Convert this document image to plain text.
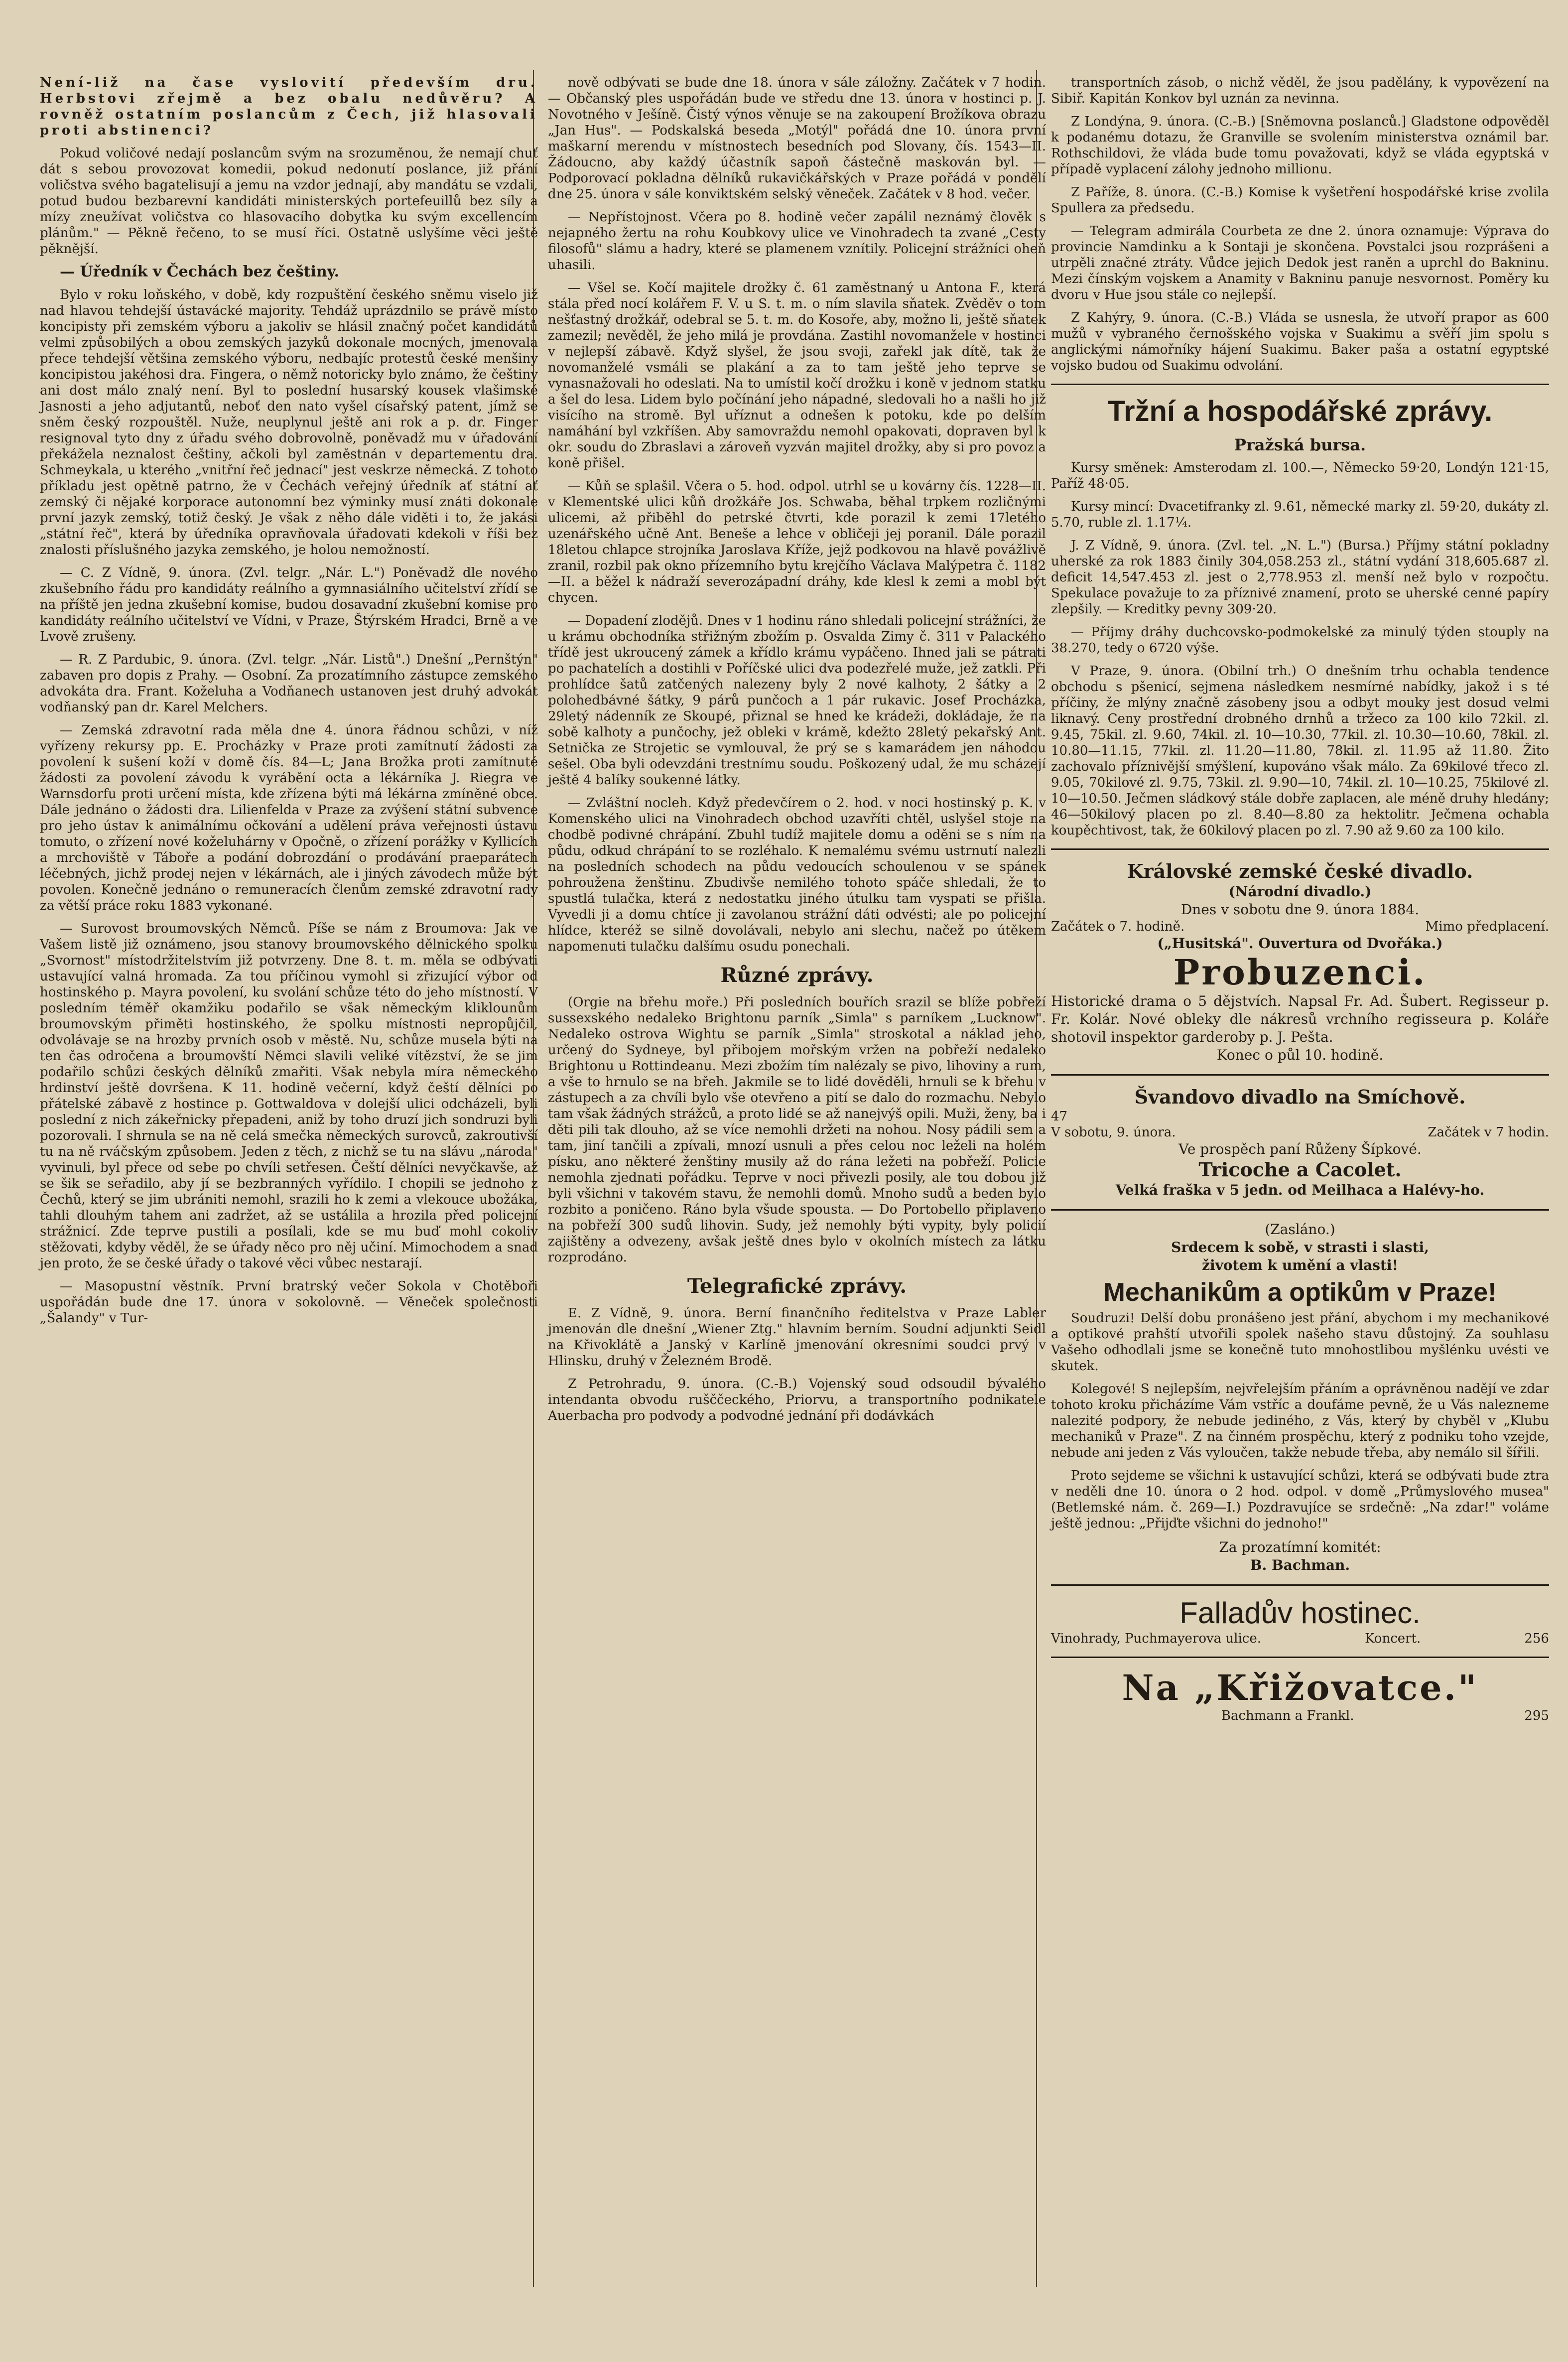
Není-liž na čase vyslovití především dru. Herbstovi zřejmě a bez obalu nedůvěru? A rovněž ostatním poslancům z Čech, již hlasovali proti abstinenci?

Pokud voličové nedají poslancům svým na srozuměnou, že nemají chuť dát s sebou provozovat komedii, pokud nedonutí poslance, již přání voličstva svého bagatelisují a jemu na vzdor jednají, aby mandátu se vzdali, potud budou bezbarevní kandidáti ministerských portefeuillů bez síly a mízy zneužívat voličstva co hlasovacího dobytka ku svým excellencím plánům." — Pěkně řečeno, to se musí říci. Ostatně uslyšíme věci ještě pěknější.

— Úředník v Čechách bez češtiny.

Bylo v roku loňského, v době, kdy rozpuštění českého sněmu viselo již nad hlavou tehdejší ústavácké majority. Tehdáž uprázdnilo se právě místo koncipisty při zemském výboru a jakoliv se hlásil značný počet kandidátů velmi způsobilých a obou zemských jazyků dokonale mocných, jmenovala přece tehdejší většina zemského výboru, nedbajíc protestů české menšiny koncipistou jakéhosi dra. Fingera, o němž notoricky bylo známo, že češtiny ani dost málo znalý není. Byl to poslední husarský kousek vlašimské Jasnosti a jeho adjutantů, neboť den nato vyšel císařský patent, jímž se sněm český rozpouštěl. Nuže, neuplynul ještě ani rok a p. dr. Finger resignoval tyto dny z úřadu svého dobrovolně, poněvadž mu v úřadování překážela neznalost češtiny, ačkoli byl zaměstnán v departementu dra. Schmeykala, u kterého „vnitřní řeč jednací" jest veskrze německá. Z tohoto příkladu jest opětně patrno, že v Čechách veřejný úředník ať státní ať zemský či nějaké korporace autonomní bez výminky musí znáti dokonale první jazyk zemský, totiž český. Je však z něho dále viděti i to, že jakási „státní řeč", která by úředníka opravňovala úřadovati kdekoli v říši bez znalosti příslušného jazyka zemského, je holou nemožností.

— C. Z Vídně, 9. února. (Zvl. telgr. „Nár. L.") Poněvadž dle nového zkušebního řádu pro kandidáty reálního a gymnasiálního učitelství zřídí se na příště jen jedna zkušební komise, budou dosavadní zkušební komise pro kandidáty reálního učitelství ve Vídni, v Praze, Štýrském Hradci, Brně a ve Lvově zrušeny.

— R. Z Pardubic, 9. února. (Zvl. telgr. „Nár. Listů".) Dnešní „Pernštýn" zabaven pro dopis z Prahy. — Osobní. Za prozatímního zástupce zemského advokáta dra. Frant. Koželuha a Vodňanech ustanoven jest druhý advokát vodňanský pan dr. Karel Melchers.

— Zemská zdravotní rada měla dne 4. února řádnou schůzi, v níž vyřízeny rekursy pp. E. Procházky v Praze proti zamítnutí žádosti za povolení k sušení koží v domě čís. 84—L; Jana Brožka proti zamítnuté žádosti za povolení závodu k vyrábění octa a lékárníka J. Riegra ve Warnsdorfu proti určení místa, kde zřízena býti má lékárna zmíněné obce. Dále jednáno o žádosti dra. Lilienfelda v Praze za zvýšení státní subvence pro jeho ústav k animálnímu očkování a udělení práva veřejnosti ústavu tomuto, o zřízení nové koželuhárny v Opočně, o zřízení porážky v Kyllicích a mrchoviště v Táboře a podání dobrozdání o prodávání praeparátech léčebných, jichž prodej nejen v lékárnách, ale i jiných závodech může být povolen. Konečně jednáno o remuneracích členům zemské zdravotní rady za větší práce roku 1883 vykonané.

— Surovost broumovských Němců. Píše se nám z Broumova: Jak ve Vašem listě již oznámeno, jsou stanovy broumovského dělnického spolku „Svornost" místodržitelstvím již potvrzeny. Dne 8. t. m. měla se odbývati ustavující valná hromada. Za tou příčinou vymohl si zřizující výbor od hostinského p. Mayra povolení, ku svolání schůze této do jeho místností. V posledním téměř okamžiku podařilo se však německým kliklounům broumovským přiměti hostinského, že spolku místnosti nepropůjčil, odvolávaje se na hrozby prvních osob v městě. Nu, schůze musela býti na ten čas odročena a broumovští Němci slavili veliké vítězství, že se jim podařilo schůzi českých dělníků zmařiti. Však nebyla míra německého hrdinství ještě dovršena. K 11. hodině večerní, když čeští dělníci po přátelské zábavě z hostince p. Gottwaldova v dolejší ulici odcházeli, byli poslední z nich zákeřnicky přepadeni, aniž by toho druzí jich sondruzi byli pozorovali. I shrnula se na ně celá smečka německých surovců, zakroutivší tu na ně rváčským způsobem. Jeden z těch, z nichž se tu na slávu „národa" vyvinuli, byl přece od sebe po chvíli setřesen. Čeští dělníci nevyčkavše, až se šik se seřadilo, aby jí se bezbranných vyřídilo. I chopili se jednoho z Čechů, který se jim ubrániti nemohl, srazili ho k zemi a vlekouce ubožáka, tahli dlouhým tahem ani zadržet, až se ustálila a hrozila před policejní strážnicí. Zde teprve pustili a posílali, kde se mu buď mohl cokoliv stěžovati, kdyby věděl, že se úřady něco pro něj učiní. Mimochodem a snad jen proto, že se české úřady o takové věci vůbec nestarají.

— Masopustní věstník. První bratrský večer Sokola v Chotěboři uspořádán bude dne 17. února v sokolovně. — Věneček společnosti „Šalandy" v Tur-

nově odbývati se bude dne 18. února v sále záložny. Začátek v 7 hodin. — Občanský ples uspořádán bude ve středu dne 13. února v hostinci p. J. Novotného v Ješíně. Čistý výnos věnuje se na zakoupení Brožíkova obrazu „Jan Hus". — Podskalská beseda „Motýl" pořádá dne 10. února první maškarní merendu v místnostech besedních pod Slovany, čís. 1543—II. Žádoucno, aby každý účastník sapoň částečně maskován byl. — Podporovací pokladna dělníků rukavičkářských v Praze pořádá v pondělí dne 25. února v sále konviktském selský věneček. Začátek v 8 hod. večer.

— Nepřístojnost. Včera po 8. hodině večer zapálil neznámý člověk s nejapného žertu na rohu Koubkovy ulice ve Vinohradech ta zvané „Cesty filosofů" slámu a hadry, které se plamenem vznítily. Policejní strážníci oheň uhasili.

— Všel se. Kočí majitele drožky č. 61 zaměstnaný u Antona F., která stála před nocí kolářem F. V. u S. t. m. o ním slavila sňatek. Zvěděv o tom nešťastný drožkář, odebral se 5. t. m. do Kosoře, aby, možno li, ještě sňatek zamezil; nevěděl, že jeho milá je provdána. Zastihl novomanžele v hostinci v nejlepší zábavě. Když slyšel, že jsou svoji, zařekl jak dítě, tak že novomanželé vsmáli se plakání a za to tam ještě jeho teprve se vynasnažovali ho odeslati. Na to umístil kočí drožku i koně v jednom statku a šel do lesa. Lidem bylo počínání jeho nápadné, sledovali ho a našli ho již visícího na stromě. Byl uříznut a odnešen k potoku, kde po delším namáhání byl vzkříšen. Aby samovraždu nemohl opakovati, dopraven byl k okr. soudu do Zbraslavi a zároveň vyzván majitel drožky, aby si pro povoz a koně přišel.

— Kůň se splašil. Včera o 5. hod. odpol. utrhl se u kovárny čís. 1228—II. v Klementské ulici kůň drožkáře Jos. Schwaba, běhal trpkem rozličnými ulicemi, až přiběhl do petrské čtvrti, kde porazil k zemi 17letého uzenářského učně Ant. Beneše a lehce v obličeji jej poranil. Dále porazil 18letou chlapce strojníka Jaroslava Kříže, jejž podkovou na hlavě povážlivě zranil, rozbil pak okno přízemního bytu krejčího Václava Malýpetra č. 1182—II. a běžel k nádraží severozápadní dráhy, kde klesl k zemi a mobl být chycen.

— Dopadení zlodějů. Dnes v 1 hodinu ráno shledali policejní strážníci, že u krámu obchodníka střižným zbožím p. Osvalda Zimy č. 311 v Palackého třídě jest ukroucený zámek a křídlo krámu vypáčeno. Ihned jali se pátrati po pachatelích a dostihli v Poříčské ulici dva podezřelé muže, jež zatkli. Při prohlídce šatů zatčených nalezeny byly 2 nové kalhoty, 2 šátky a 2 polohedbávné šátky, 9 párů punčoch a 1 pár rukavic. Josef Procházka, 29letý nádenník ze Skoupé, přiznal se hned ke krádeži, dokládaje, že na sobě kalhoty a punčochy, jež obleki v krámě, kdežto 28letý pekařský Ant. Setnička ze Strojetic se vymlouval, že prý se s kamarádem jen náhodou sešel. Oba byli odevzdáni trestnímu soudu. Poškozený udal, že mu scházejí ještě 4 balíky soukenné látky.

— Zvláštní nocleh. Když předevčírem o 2. hod. v noci hostinský p. K. v Komenského ulici na Vinohradech obchod uzavříti chtěl, uslyšel stoje na chodbě podivné chrápání. Zbuhl tudíž majitele domu a oděni se s ním na půdu, odkud chrápání to se rozléhalo. K nemalému svému ustrnutí nalezli na posledních schodech na půdu vedoucích schoulenou v se spánek pohroužena ženštinu. Zbudivše nemilého tohoto spáče shledali, že to spustlá tulačka, která z nedostatku jiného útulku tam vyspati se přišla. Vyvedli ji a domu chtíce ji zavolanou strážní dáti odvésti; ale po policejní hlídce, kteréž se silně dovolávali, nebylo ani slechu, načež po útěkem napomenuti tulačku dalšímu osudu ponechali.

Různé zprávy.

(Orgie na břehu moře.) Při posledních bouřích srazil se blíže pobřeží sussexského nedaleko Brightonu parník „Simla" s parníkem „Lucknow". Nedaleko ostrova Wightu se parník „Simla" stroskotal a náklad jeho, určený do Sydneye, byl přibojem mořským vržen na pobřeží nedaleko Brightonu u Rottindeanu. Mezi zbožím tím nalézaly se pivo, lihoviny a rum, a vše to hrnulo se na břeh. Jakmile se to lidé dověděli, hrnuli se k břehu v zástupech a za chvíli bylo vše otevřeno a pití se dalo do rozmachu. Nebylo tam však žádných strážců, a proto lidé se až nanejvýš opili. Muži, ženy, ba i děti pili tak dlouho, až se více nemohli držeti na nohou. Nosy pádili sem a tam, jiní tančili a zpívali, mnozí usnuli a přes celou noc leželi na holém písku, ano některé ženštiny musily až do rána ležeti na pobřeží. Policie nemohla zjednati pořádku. Teprve v noci přivezli posily, ale tou dobou již byli všichni v takovém stavu, že nemohli domů. Mnoho sudů a beden bylo rozbito a poničeno. Ráno byla všude spousta. — Do Portobello připlaveno na pobřeží 300 sudů lihovin. Sudy, jež nemohly býti vypity, byly policií zajištěny a odvezeny, avšak ještě dnes bylo v okolních místech za látku rozprodáno.

Telegrafické zprávy.

E. Z Vídně, 9. února. Berní finančního ředitelstva v Praze Labler jmenován dle dnešní „Wiener Ztg." hlavním berním. Soudní adjunkti Seidl na Křivoklátě a Janský v Karlíně jmenování okresními soudci prvý v Hlinsku, druhý v Železném Brodě.

Z Petrohradu, 9. února. (C.-B.) Vojenský soud odsoudil bývalého intendanta obvodu rušččeckého, Priorvu, a transportního podnikatele Auerbacha pro podvody a podvodné jednání při dodávkách

transportních zásob, o nichž věděl, že jsou padělány, k vypovězení na Sibiř. Kapitán Konkov byl uznán za nevinna.

Z Londýna, 9. února. (C.-B.) [Sněmovna poslanců.] Gladstone odpověděl k podanému dotazu, že Granville se svolením ministerstva oznámil bar. Rothschildovi, že vláda bude tomu považovati, když se vláda egyptská v případě vyplacení zálohy jednoho millionu.

Z Paříže, 8. února. (C.-B.) Komise k vyšetření hospodářské krise zvolila Spullera za předsedu.

— Telegram admirála Courbeta ze dne 2. února oznamuje: Výprava do provincie Namdinku a k Sontaji je skončena. Povstalci jsou rozprášeni a utrpěli značné ztráty. Vůdce jejich Dedok jest raněn a uprchl do Bakninu. Mezi čínským vojskem a Anamity v Bakninu panuje nesvornost. Poměry ku dvoru v Hue jsou stále co nejlepší.

Z Kahýry, 9. února. (C.-B.) Vláda se usnesla, že utvoří prapor as 600 mužů v vybraného černošského vojska v Suakimu a svěří jim spolu s anglickými námořníky hájení Suakimu. Baker paša a ostatní egyptské vojsko budou od Suakimu odvolání.

Tržní a hospodářské zprávy.
Pražská bursa.

Kursy směnek: Amsterodam zl. 100.—, Německo 59·20, Londýn 121·15, Paříž 48·05.

Kursy mincí: Dvacetifranky zl. 9.61, německé marky zl. 59·20, dukáty zl. 5.70, ruble zl. 1.17¼.

J. Z Vídně, 9. února. (Zvl. tel. „N. L.") (Bursa.) Příjmy státní pokladny uherské za rok 1883 činily 304,058.253 zl., státní vydání 318,605.687 zl. deficit 14,547.453 zl. jest o 2,778.953 zl. menší než bylo v rozpočtu. Spekulace považuje to za příznivé znamení, proto se uherské cenné papíry zlepšily. — Kreditky pevny 309·20.

— Příjmy dráhy duchcovsko-podmokelské za minulý týden stouply na 38.270, tedy o 6720 výše.

V Praze, 9. února. (Obilní trh.) O dnešním trhu ochabla tendence obchodu s pšenicí, sejmena následkem nesmírné nabídky, jakož i s té příčiny, že mlýny značně zásobeny jsou a odbyt mouky jest dosud velmi liknavý. Ceny prostřední drobného drnhů a tržeco za 100 kilo 72kil. zl. 9.45, 75kil. zl. 9.60, 74kil. zl. 10—10.30, 77kil. zl. 10.30—10.60, 78kil. zl. 10.80—11.15, 77kil. zl. 11.20—11.80, 78kil. zl. 11.95 až 11.80. Žito zachovalo příznivější smýšlení, kupováno však málo. Za 69kilové třeco zl. 9.05, 70kilové zl. 9.75, 73kil. zl. 9.90—10, 74kil. zl. 10—10.25, 75kilové zl. 10—10.50. Ječmen sládkový stále dobře zaplacen, ale méně druhy hledány; 46—50kilový placen po zl. 8.40—8.80 za hektolitr. Ječmena ochabla koupěchtivost, tak, že 60kilový placen po zl. 7.90 až 9.60 za 100 kilo.

Královské zemské české divadlo.
(Národní divadlo.)
Dnes v sobotu dne 9. února 1884.
Začátek o 7. hodině.	Mimo předplacení.
(„Husitská". Ouvertura od Dvořáka.)
Probuzenci.
Historické drama o 5 dějstvích. Napsal Fr. Ad. Šubert. Regisseur p. Fr. Kolár. Nové obleky dle nákresů vrchního regisseura p. Koláře shotovil inspektor garderoby p. J. Pešta.
Konec o půl 10. hodině.
Švandovo divadlo na Smíchově.
47
V sobotu, 9. února.	Začátek v 7 hodin.
Ve prospěch paní Růženy Šípkové.
Tricoche a Cacolet.
Velká fraška v 5 jedn. od Meilhaca a Halévy-ho.
(Zasláno.)
Srdecem k sobě, v strasti i slasti,
životem k umění a vlasti!
Mechanikům a optikům v Praze!

Soudruzi! Delší dobu pronášeno jest přání, abychom i my mechanikové a optikové prahští utvořili spolek našeho stavu důstojný. Za souhlasu Vašeho odhodlali jsme se konečně tuto mnohostlibou myšlénku uvésti ve skutek.

Kolegové! S nejlepším, nejvřelejším přáním a oprávněnou nadějí ve zdar tohoto kroku přicházíme Vám vstříc a doufáme pevně, že u Vás nalezneme nalezité podpory, že nebude jediného, z Vás, který by chyběl v „Klubu mechaniků v Praze". Z na činném prospěchu, který z podniku toho vzejde, nebude ani jeden z Vás vyloučen, takže nebude třeba, aby nemálo sil šířili.

Proto sejdeme se všichni k ustavující schůzi, která se odbývati bude ztra v neděli dne 10. února o 2 hod. odpol. v domě „Průmyslového musea" (Betlemské nám. č. 269—I.) Pozdravujíce se srdečně: „Na zdar!" voláme ještě jednou: „Přijďte všichni do jednoho!"

Za prozatímní komitét:
B. Bachman.
Falladův hostinec.
Vinohrady, Puchmayerova ulice.	Koncert.	256
Na „Křižovatce."
Bachmann a Frankl.	295
